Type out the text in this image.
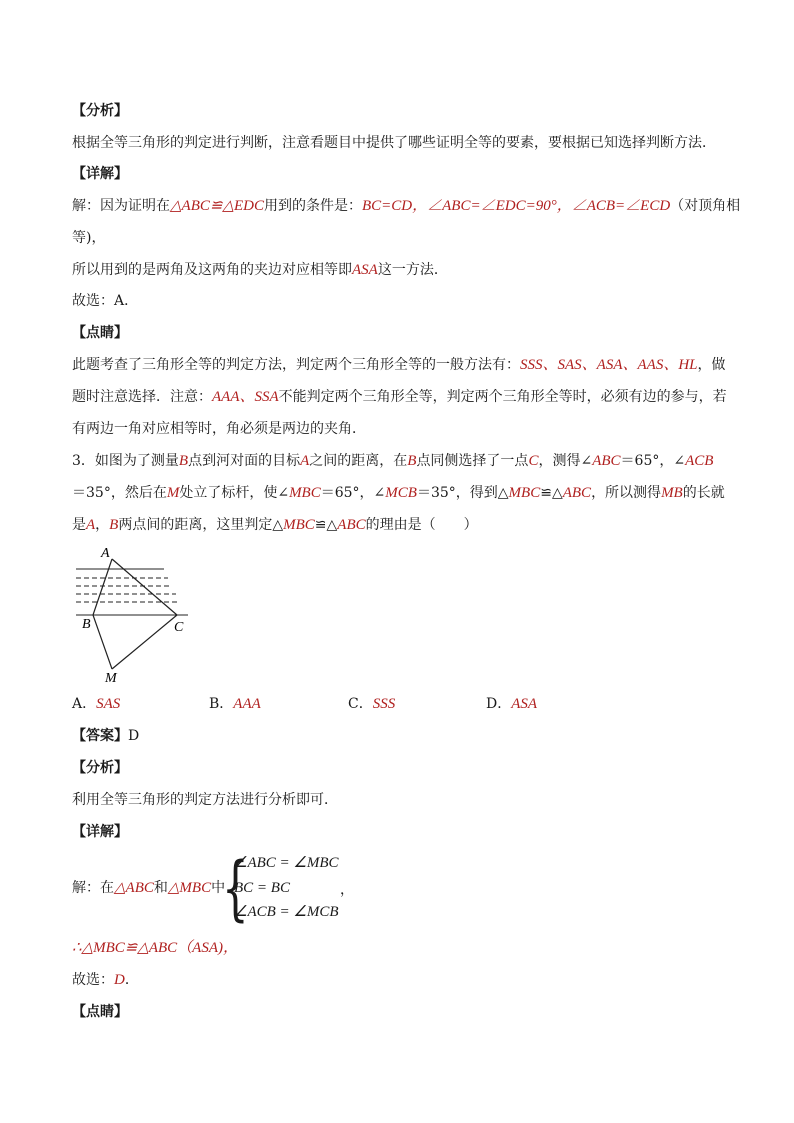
【分析】
根据全等三角形的判定进行判断，注意看题目中提供了哪些证明全等的要素，要根据已知选择判断方法．
【详解】
解：因为证明在△ABC≌△EDC用到的条件是：BC=CD，∠ABC=∠EDC=90°，∠ACB=∠ECD（对顶角相
等)，
所以用到的是两角及这两角的夹边对应相等即ASA这一方法．
故选：A．
【点睛】
此题考查了三角形全等的判定方法，判定两个三角形全等的一般方法有：SSS、SAS、ASA、AAS、HL，做
题时注意选择．注意：AAA、SSA不能判定两个三角形全等，判定两个三角形全等时，必须有边的参与，若
有两边一角对应相等时，角必须是两边的夹角．
3．如图为了测量B点到河对面的目标A之间的距离，在B点同侧选择了一点C，测得∠ABC＝65°，∠ACB
＝35°，然后在M处立了标杆，使∠MBC＝65°，∠MCB＝35°，得到△MBC≌△ABC，所以测得MB的长就
是A，B两点间的距离，这里判定△MBC≌△ABC的理由是（　　）
A
B	C
M
A．SAS	B．AAA	C．SSS	D．ASA
【答案】D
【分析】
利用全等三角形的判定方法进行分析即可．
【详解】
解：在△ABC和△MBC中
{
∠ABC = ∠MBC
BC = BC
∠ACB = ∠MCB
，
∴△MBC≌△ABC（ASA)，
故选：D．
【点睛】
